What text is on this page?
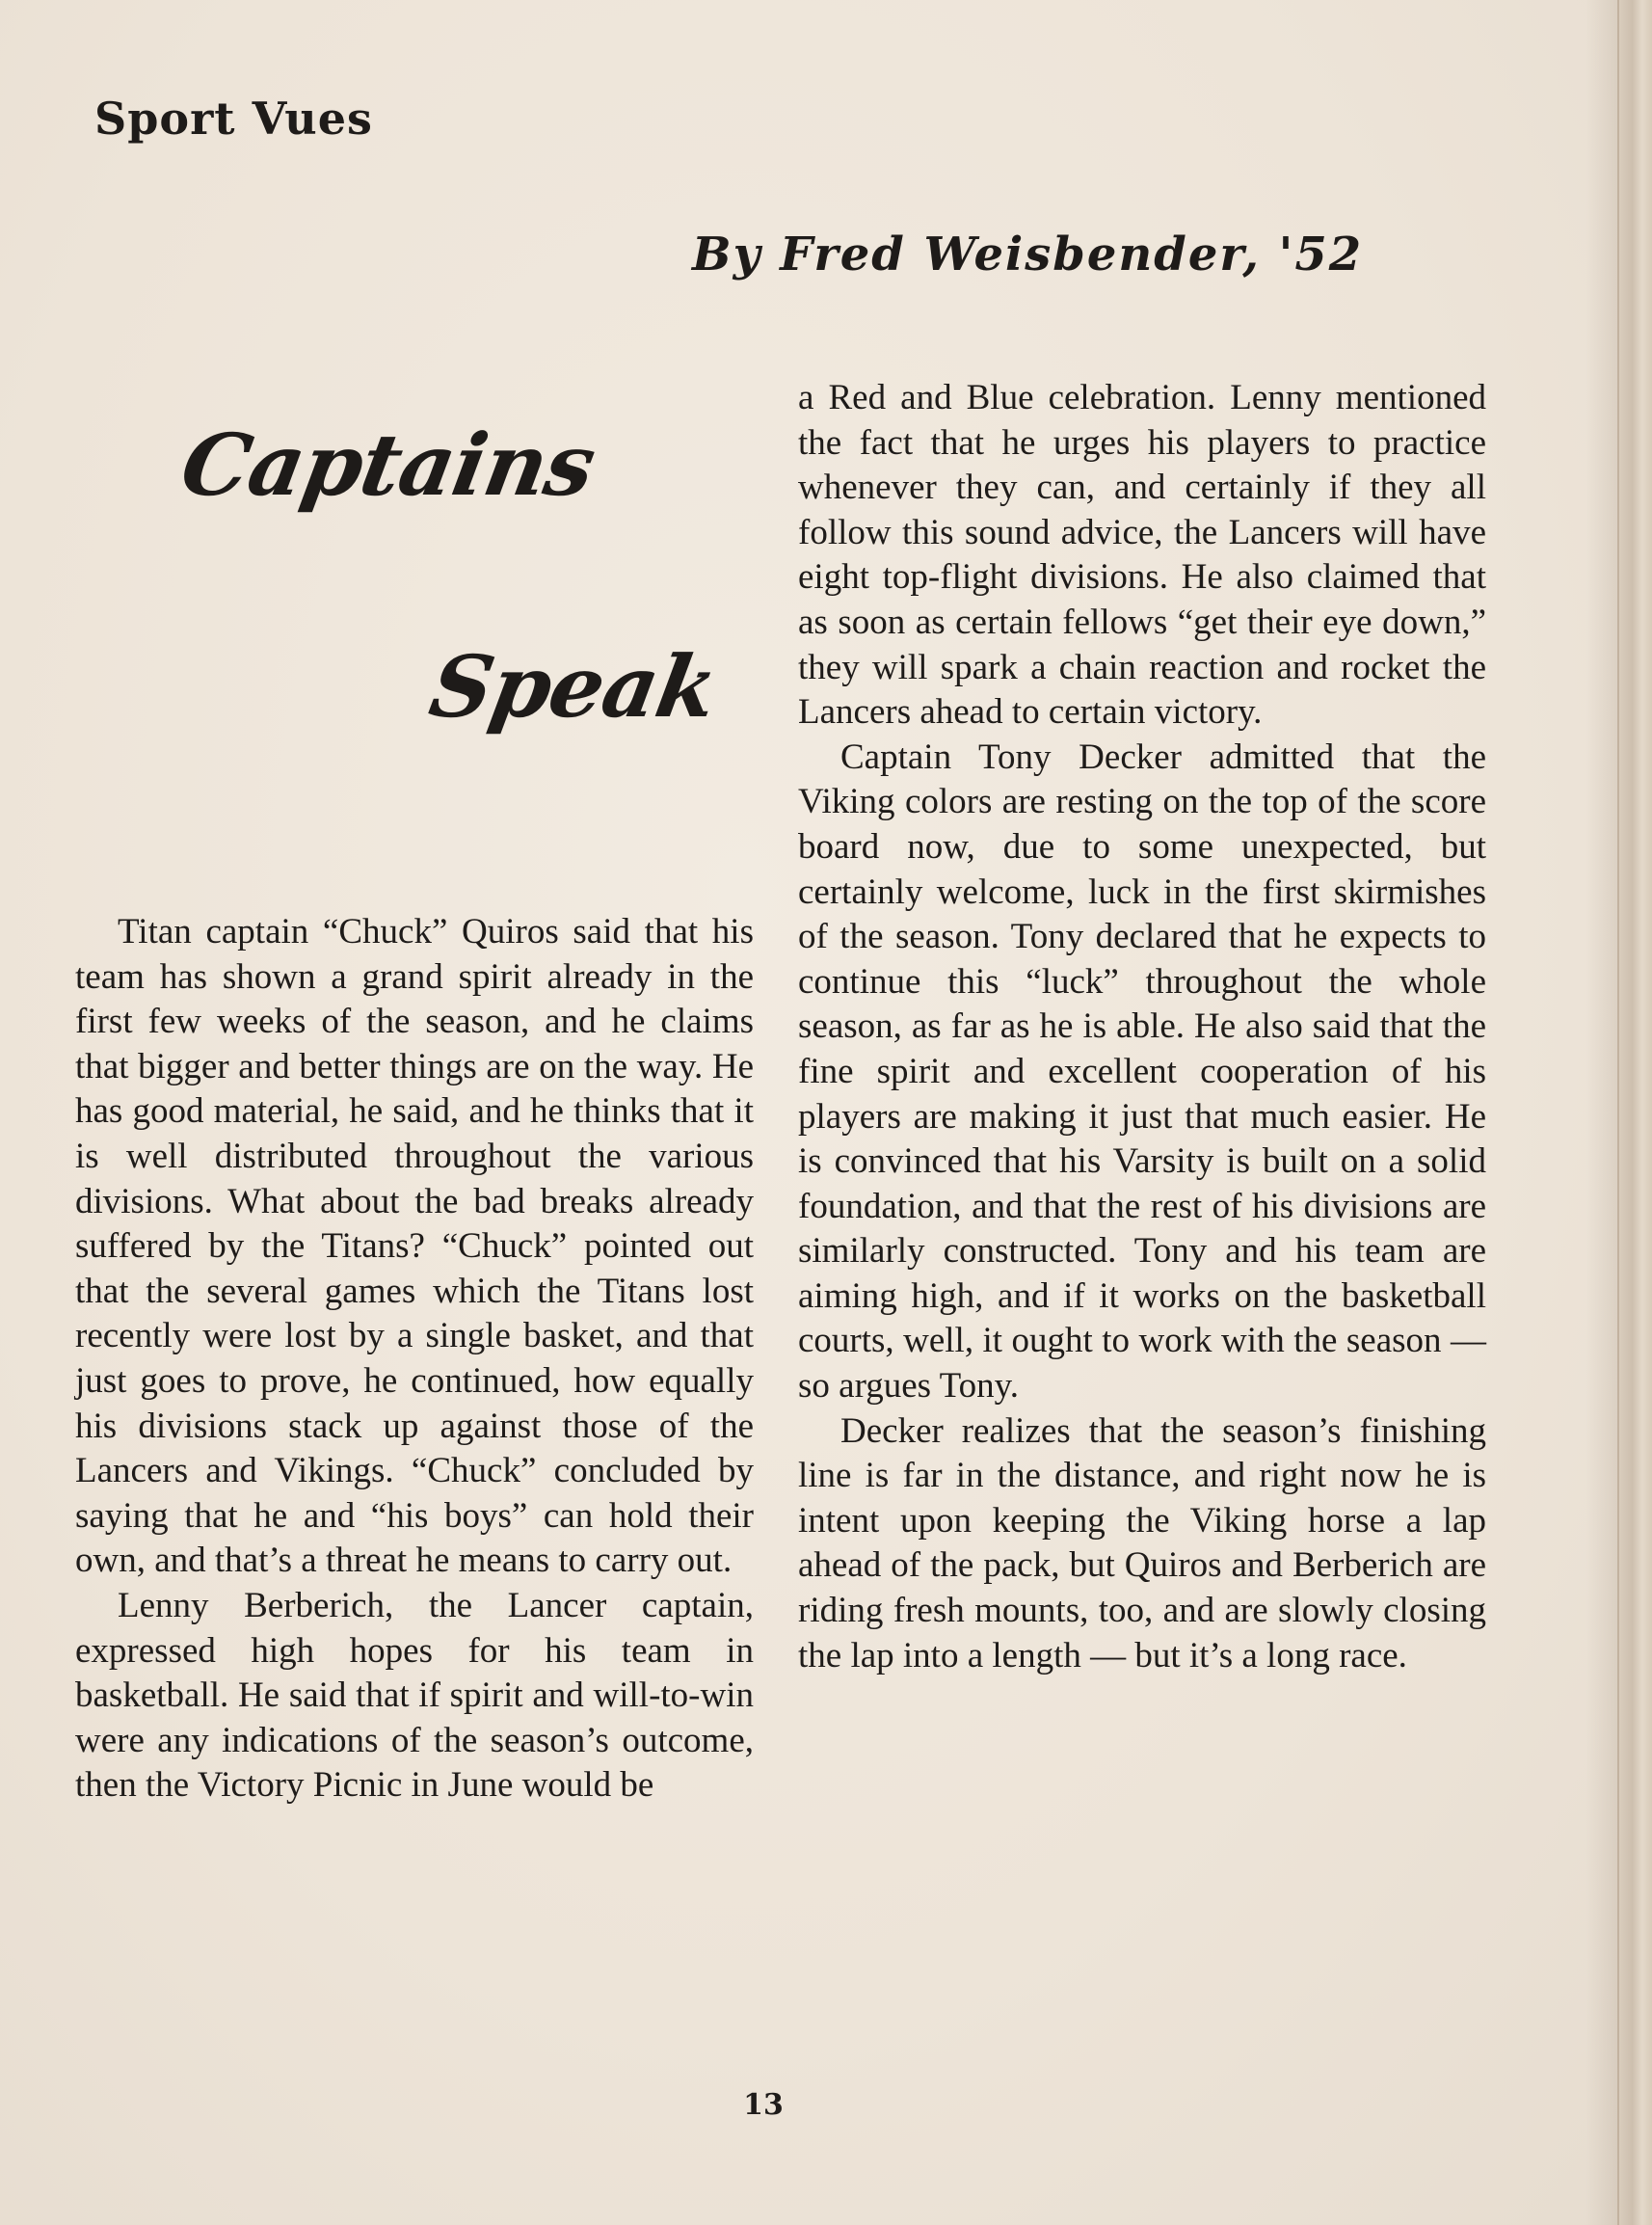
Sport Vues
By Fred Weisbender, '52
Captains
Speak

Titan captain “Chuck” Quiros said that his team has shown a grand spirit already in the first few weeks of the season, and he claims that bigger and better things are on the way. He has good material, he said, and he thinks that it is well distributed throughout the various divisions. What about the bad breaks already suffered by the Titans? “Chuck” pointed out that the several games which the Titans lost recently were lost by a single basket, and that just goes to prove, he continued, how equally his divisions stack up against those of the Lancers and Vikings. “Chuck” concluded by saying that he and “his boys” can hold their own, and that’s a threat he means to carry out.

Lenny Berberich, the Lancer captain, expressed high hopes for his team in basketball. He said that if spirit and will-to-win were any indications of the season’s outcome, then the Victory Picnic in June would be

a Red and Blue celebration. Lenny mentioned the fact that he urges his players to practice whenever they can, and certainly if they all follow this sound advice, the Lancers will have eight top-flight divisions. He also claimed that as soon as certain fellows “get their eye down,” they will spark a chain reaction and rocket the Lancers ahead to certain victory.

Captain Tony Decker admitted that the Viking colors are resting on the top of the score board now, due to some unexpected, but certainly welcome, luck in the first skirmishes of the season. Tony declared that he expects to continue this “luck” throughout the whole season, as far as he is able. He also said that the fine spirit and excellent cooperation of his players are making it just that much easier. He is convinced that his Varsity is built on a solid foundation, and that the rest of his divisions are similarly constructed. Tony and his team are aiming high, and if it works on the basketball courts, well, it ought to work with the season — so argues Tony.

Decker realizes that the season’s finishing line is far in the distance, and right now he is intent upon keeping the Viking horse a lap ahead of the pack, but Quiros and Berberich are riding fresh mounts, too, and are slowly closing the lap into a length — but it’s a long race.

13
